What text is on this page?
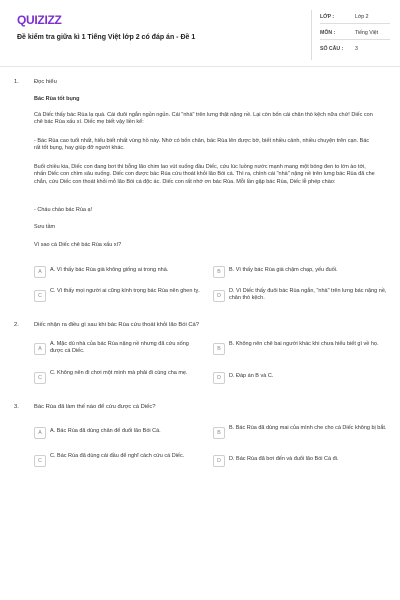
QUIZIZZ
Đề kiểm tra giữa kì 1 Tiếng Việt lớp 2 có đáp án - Đề 1
LỚP :	Lớp 2
MÔN :	Tiếng Việt
SỐ CÂU : 3
1.	Đọc hiểu
Bác Rùa tốt bụng
Cá Diếc thấy bác Rùa lạ quá. Cái đuôi ngắn ngủn ngủn. Cái "nhà" trên lưng thật nặng nề. Lại còn bốn cái chân thò kệch nữa chứ! Diếc con chê bác Rùa xấu xí. Diếc mẹ biết vậy liền kể:
- Bác Rùa cao tuổi nhất, hiểu biết nhất vùng hồ này. Nhờ có bốn chân, bác Rùa lên được bờ, biết nhiều cảnh, nhiều chuyện trên cạn. Bác rất tốt bụng, hay giúp đỡ người khác.
Buổi chiều kia, Diếc con đang bơi thì bỗng lão chim lao vút xuống đầu Diếc, cứu lúc luồng nước mạnh mang một bóng đen to lớn ào tới, nhấn Diếc con chìm sâu xuống. Diếc con được bác Rùa cứu thoát khỏi lão Bói cá. Thì ra, chính cái "nhà" nặng nề trên lưng bác Rùa đã che chắn, cứu Diếc con thoát khỏi mỏ lão Bói cá độc ác. Diếc con rất nhớ ơn bác Rùa. Mỗi lần gặp bác Rùa, Diếc lễ phép chào:
- Cháu chào bác Rùa ạ!
Sưu tầm
Vì sao cá Diếc chê bác Rùa xấu xí?
A	A. Vì thấy bác Rùa già không giống ai trong nhà.	B	B. Vì thấy bác Rùa già chậm chạp, yếu đuối.
C
C. Vì thấy mọi người ai cũng kính trọng bác Rùa nên ghen tỵ.
D
D. Vì Diếc thấy đuôi bác Rùa ngắn, "nhà" trên lưng bác nặng nề, chân thò kệch.
2.	Diếc nhận ra điều gì sau khi bác Rùa cứu thoát khỏi lão Bói Cá?
A
A. Mặc dù nhà của bác Rùa nặng nề nhưng đã cứu sống được cá Diếc.	B
B. Không nên chê bai người khác khi chưa hiểu biết gì về họ.
C
C. Không nên đi chơi một mình mà phải đi cùng cha mẹ.
D	D. Đáp án B và C.
3.	Bác Rùa đã làm thế nào để cứu được cá Diếc?
A	A. Bác Rùa đã dùng chân để đuổi lão Bói Cá.	B
B. Bác Rùa đã dùng mai của mình che cho cá Diếc không bị bắt.
C
C. Bác Rùa đã dùng cái đầu để nghĩ cách cứu cá Diếc.
D	D. Bác Rùa đã bơi đến và đuổi lão Bói Cá đi.
